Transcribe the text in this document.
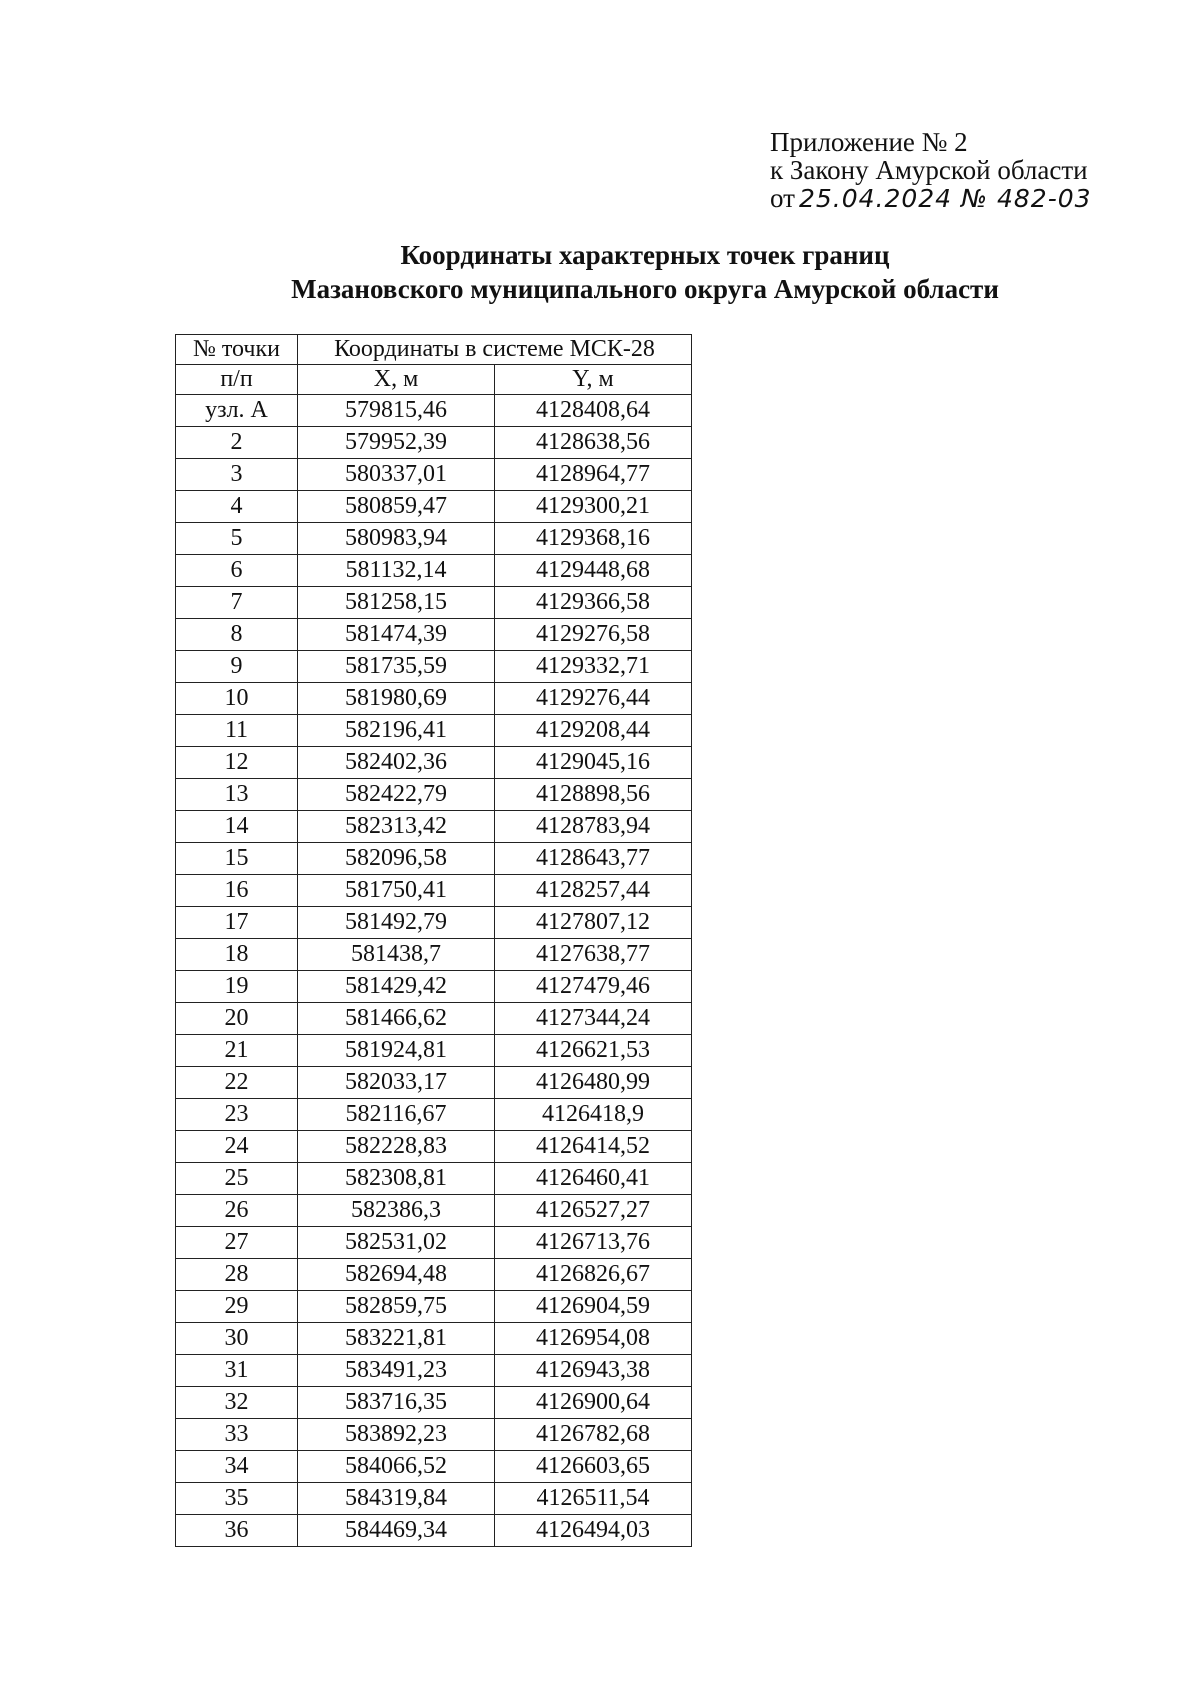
Приложение № 2
к Закону Амурской области
от 25.04.2024 № 482-03
Координаты характерных точек границ
Мазановского муниципального округа Амурской области
№ точки	Координаты в системе МСК-28	
п/п	X, м	Y, м
узл. А	579815,46	4128408,64
2	579952,39	4128638,56
3	580337,01	4128964,77
4	580859,47	4129300,21
5	580983,94	4129368,16
6	581132,14	4129448,68
7	581258,15	4129366,58
8	581474,39	4129276,58
9	581735,59	4129332,71
10	581980,69	4129276,44
11	582196,41	4129208,44
12	582402,36	4129045,16
13	582422,79	4128898,56
14	582313,42	4128783,94
15	582096,58	4128643,77
16	581750,41	4128257,44
17	581492,79	4127807,12
18	581438,7	4127638,77
19	581429,42	4127479,46
20	581466,62	4127344,24
21	581924,81	4126621,53
22	582033,17	4126480,99
23	582116,67	4126418,9
24	582228,83	4126414,52
25	582308,81	4126460,41
26	582386,3	4126527,27
27	582531,02	4126713,76
28	582694,48	4126826,67
29	582859,75	4126904,59
30	583221,81	4126954,08
31	583491,23	4126943,38
32	583716,35	4126900,64
33	583892,23	4126782,68
34	584066,52	4126603,65
35	584319,84	4126511,54
36	584469,34	4126494,03
